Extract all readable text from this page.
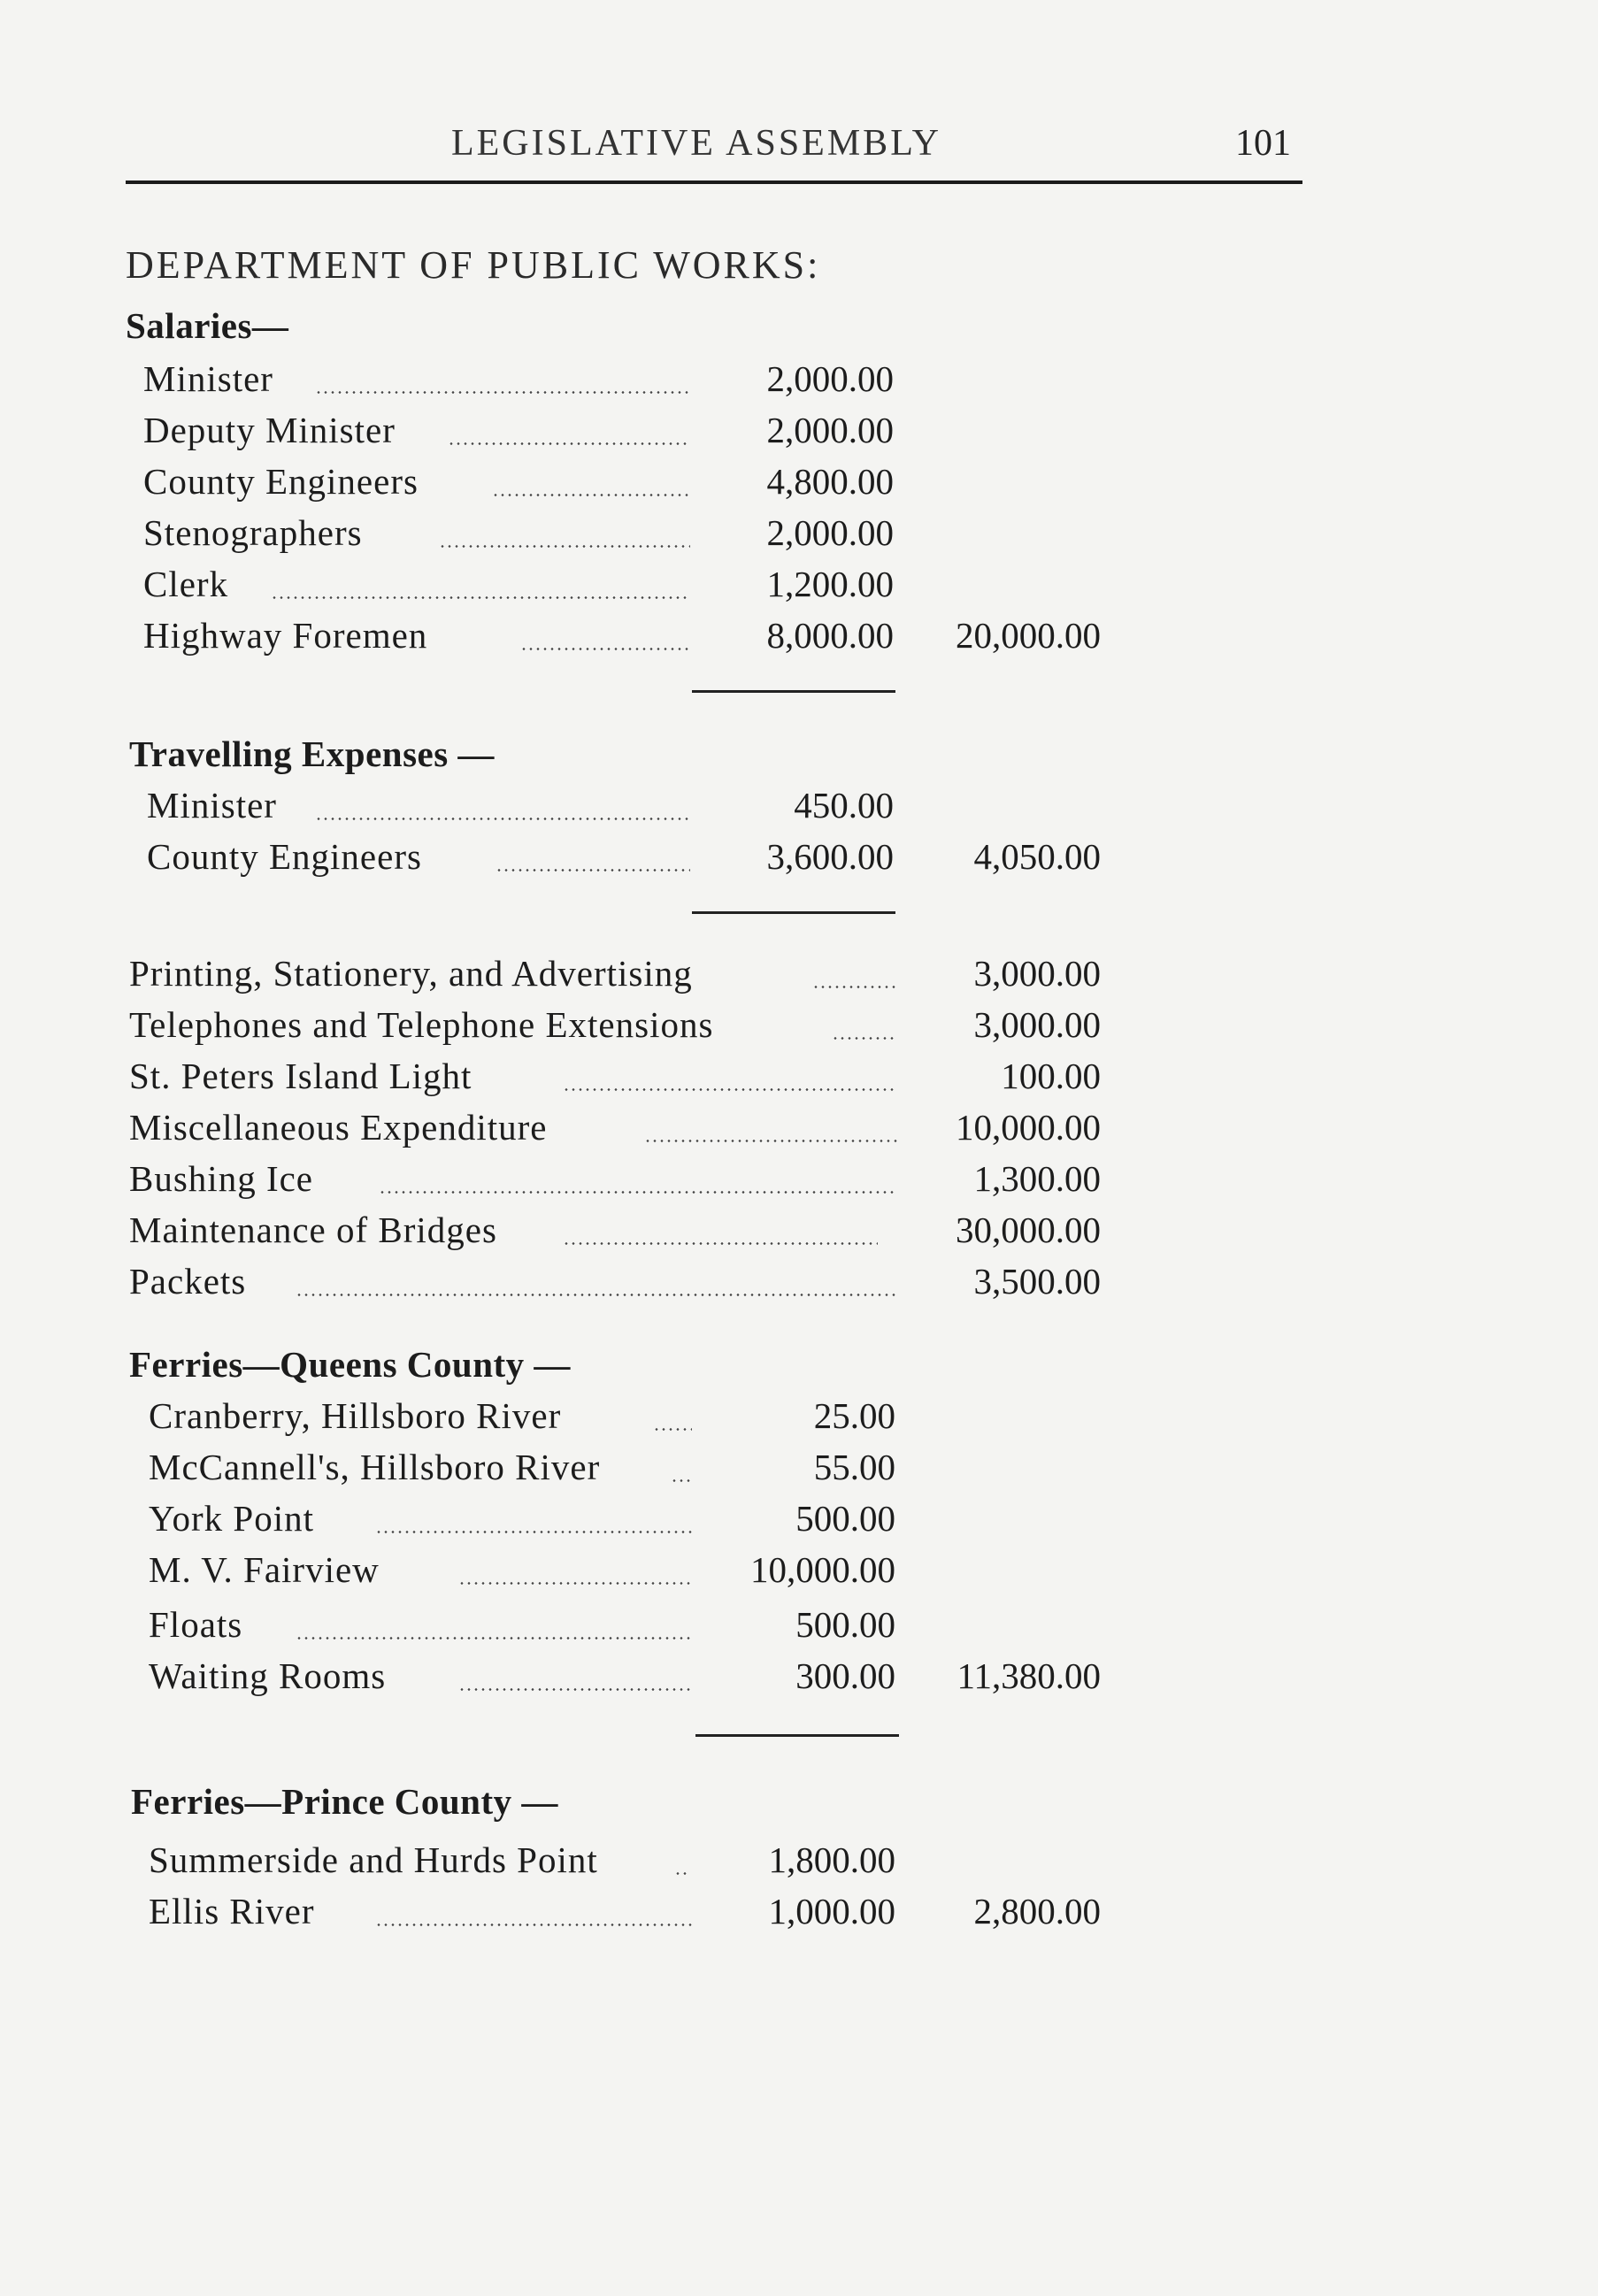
LEGISLATIVE ASSEMBLY	101
DEPARTMENT OF PUBLIC WORKS:
Salaries—
Minister	2,000.00
Deputy Minister	2,000.00
County Engineers	4,800.00
Stenographers	2,000.00
Clerk	1,200.00
Highway Foremen	8,000.00	20,000.00
Travelling Expenses —
Minister	450.00
County Engineers	3,600.00	4,050.00
Printing, Stationery, and Advertising	3,000.00
Telephones and Telephone Extensions	3,000.00
St. Peters Island Light	100.00
Miscellaneous Expenditure	10,000.00
Bushing Ice	1,300.00
Maintenance of Bridges	30,000.00
Packets	3,500.00
Ferries—Queens County —
Cranberry, Hillsboro River	25.00
McCannell's, Hillsboro River	55.00
York Point	500.00
M. V. Fairview	10,000.00
Floats	500.00
Waiting Rooms	300.00	11,380.00
Ferries—Prince County —
Summerside and Hurds Point	1,800.00
Ellis River	1,000.00	2,800.00
